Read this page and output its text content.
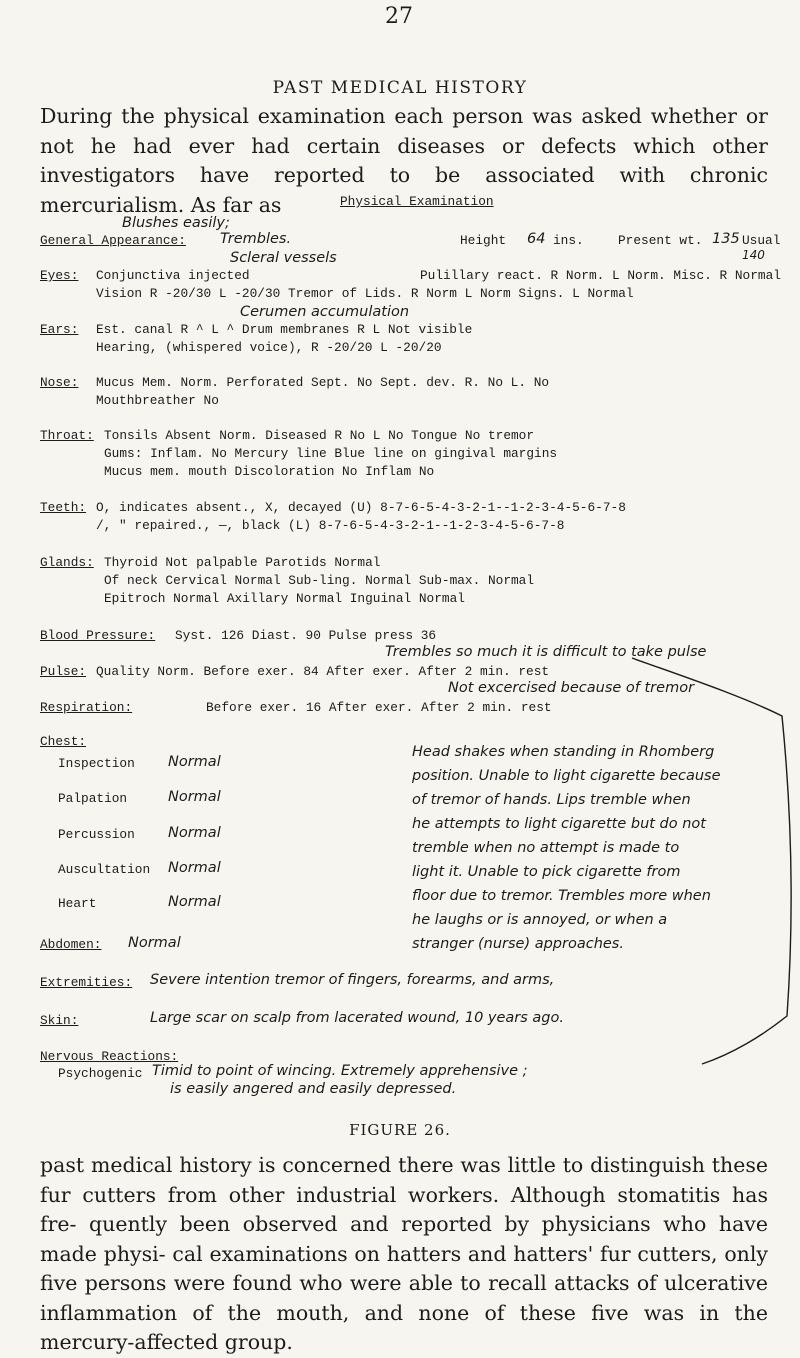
27
PAST MEDICAL HISTORY
During the physical examination each person was asked whether or not he had ever had certain diseases or defects which other investigators have reported to be associated with chronic mercurialism. As far as	Physical Examination
Blushes easily;
General Appearance: Trembles.	Height 64 ins.	Present wt. 135 Usual
140
Scleral vessels
Eyes: Conjunctiva injected	Pulillary react. R Norm. L Norm. Misc. R Normal
Vision R -20/30 L -20/30 Tremor of Lids. R Norm L Norm Signs. L Normal
Cerumen accumulation
Ears: Est. canal R ^ L ^ Drum membranes R L Not visible
Hearing, (whispered voice), R -20/20 L -20/20
Nose: Mucus Mem. Norm. Perforated Sept. No Sept. dev. R. No L. No
Mouthbreather No
Throat: Tonsils Absent Norm. Diseased R No L No Tongue No tremor
Gums: Inflam. No Mercury line Blue line on gingival margins
Mucus mem. mouth Discoloration No Inflam No
Teeth: O, indicates absent., X, decayed (U) 8-7-6-5-4-3-2-1--1-2-3-4-5-6-7-8
/, " repaired., —, black (L) 8-7-6-5-4-3-2-1--1-2-3-4-5-6-7-8
Glands: Thyroid Not palpable Parotids Normal
Of neck Cervical Normal Sub-ling. Normal Sub-max. Normal
Epitroch Normal Axillary Normal Inguinal Normal
Blood Pressure: Syst. 126 Diast. 90 Pulse press 36
Trembles so much it is difficult to take pulse
Pulse: Quality Norm. Before exer. 84 After exer. After 2 min. rest
Not excercised because of tremor
Respiration:	Before exer. 16 After exer. After 2 min. rest
Chest:
Inspection Normal
Palpation	Normal
Percussion Normal
Auscultation Normal
Heart	Normal
Abdomen: Normal
Head shakes when standing in Rhomberg
position. Unable to light cigarette because
of tremor of hands. Lips tremble when
he attempts to light cigarette but do not
tremble when no attempt is made to
light it. Unable to pick cigarette from
floor due to tremor. Trembles more when
he laughs or is annoyed, or when a
stranger (nurse) approaches.
Extremities: Severe intention tremor of fingers, forearms, and arms,
Skin:	Large scar on scalp from lacerated wound, 10 years ago.
Nervous Reactions:
Psychogenic Timid to point of wincing. Extremely apprehensive ;
is easily angered and easily depressed.
FIGURE 26.
past medical history is concerned there was little to distinguish these fur cutters from other industrial workers. Although stomatitis has fre- quently been observed and reported by physicians who have made physi- cal examinations on hatters and hatters' fur cutters, only five persons were found who were able to recall attacks of ulcerative inflammation of the mouth, and none of these five was in the mercury-affected group.
